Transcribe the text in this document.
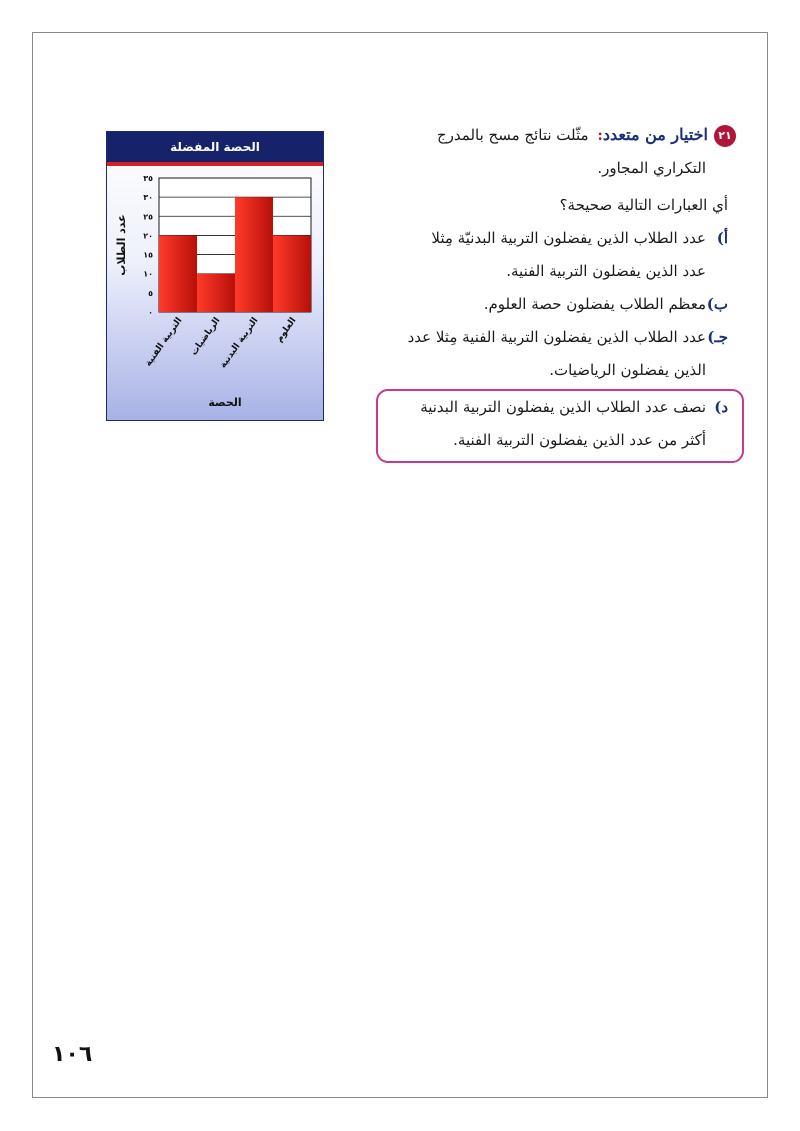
٢١اختيار من متعدد: مثّلت نتائج مسح بالمدرج
التكراري المجاور.
أي العبارات التالية صحيحة؟
أ)
عدد الطلاب الذين يفضلون التربية البدنيّة مِثلا
عدد الذين يفضلون التربية الفنية.
ب)
معظم الطلاب يفضلون حصة العلوم.
جـ)
عدد الطلاب الذين يفضلون التربية الفنية مِثلا عدد
الذين يفضلون الرياضيات.
د)
نصف عدد الطلاب الذين يفضلون التربية البدنية
أكثر من عدد الذين يفضلون التربية الفنية.
الحصة المفضلة
٠
٥
١٠
١٥
٢٠
٢٥
٣٠
٣٥
التربية الفنية الرياضيات
التربية البدنية العلوم
عدد الطلاب
الحصة
١٠٦
